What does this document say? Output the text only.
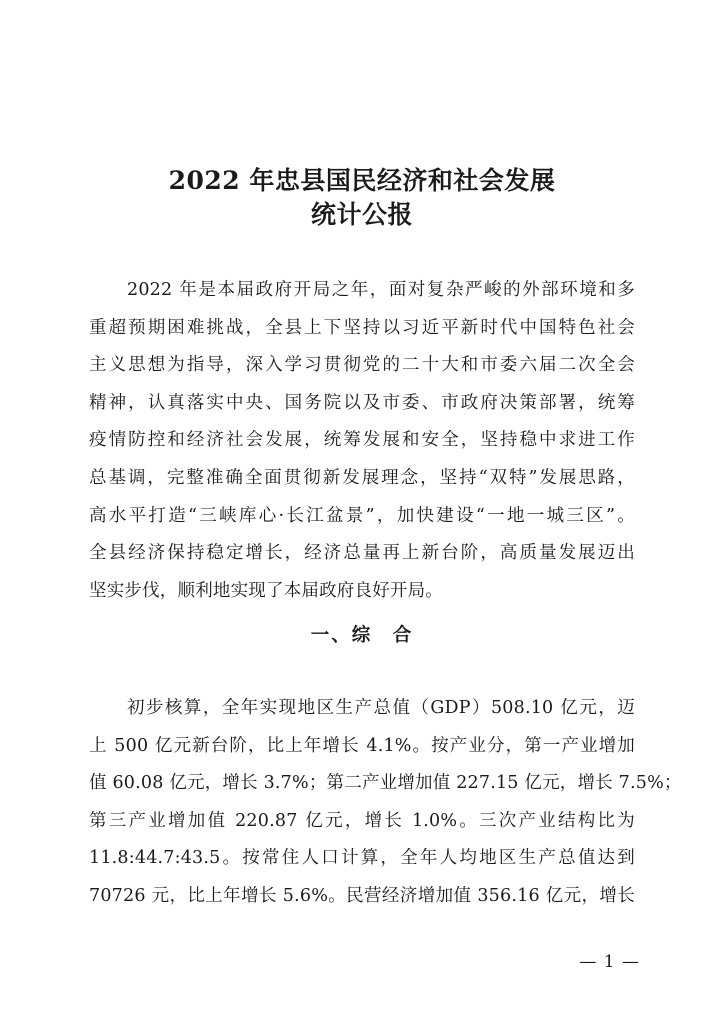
2022 年忠县国民经济和社会发展
统计公报
2022 年是本届政府开局之年，面对复杂严峻的外部环境和多
重超预期困难挑战，全县上下坚持以习近平新时代中国特色社会
主义思想为指导，深入学习贯彻党的二十大和市委六届二次全会
精神，认真落实中央、国务院以及市委、市政府决策部署，统筹
疫情防控和经济社会发展，统筹发展和安全，坚持稳中求进工作
总基调，完整准确全面贯彻新发展理念，坚持“双特”发展思路，
高水平打造“三峡库心·长江盆景”，加快建设“一地一城三区”。
全县经济保持稳定增长，经济总量再上新台阶，高质量发展迈出
坚实步伐，顺利地实现了本届政府良好开局。
一、综　合
初步核算，全年实现地区生产总值（GDP）508.10 亿元，迈
上 500 亿元新台阶，比上年增长 4.1%。按产业分，第一产业增加
值 60.08 亿元，增长 3.7%；第二产业增加值 227.15 亿元，增长 7.5%；
第三产业增加值 220.87 亿元，增长 1.0%。三次产业结构比为
11.8:44.7:43.5。按常住人口计算，全年人均地区生产总值达到
70726 元，比上年增长 5.6%。民营经济增加值 356.16 亿元，增长
— 1 —
